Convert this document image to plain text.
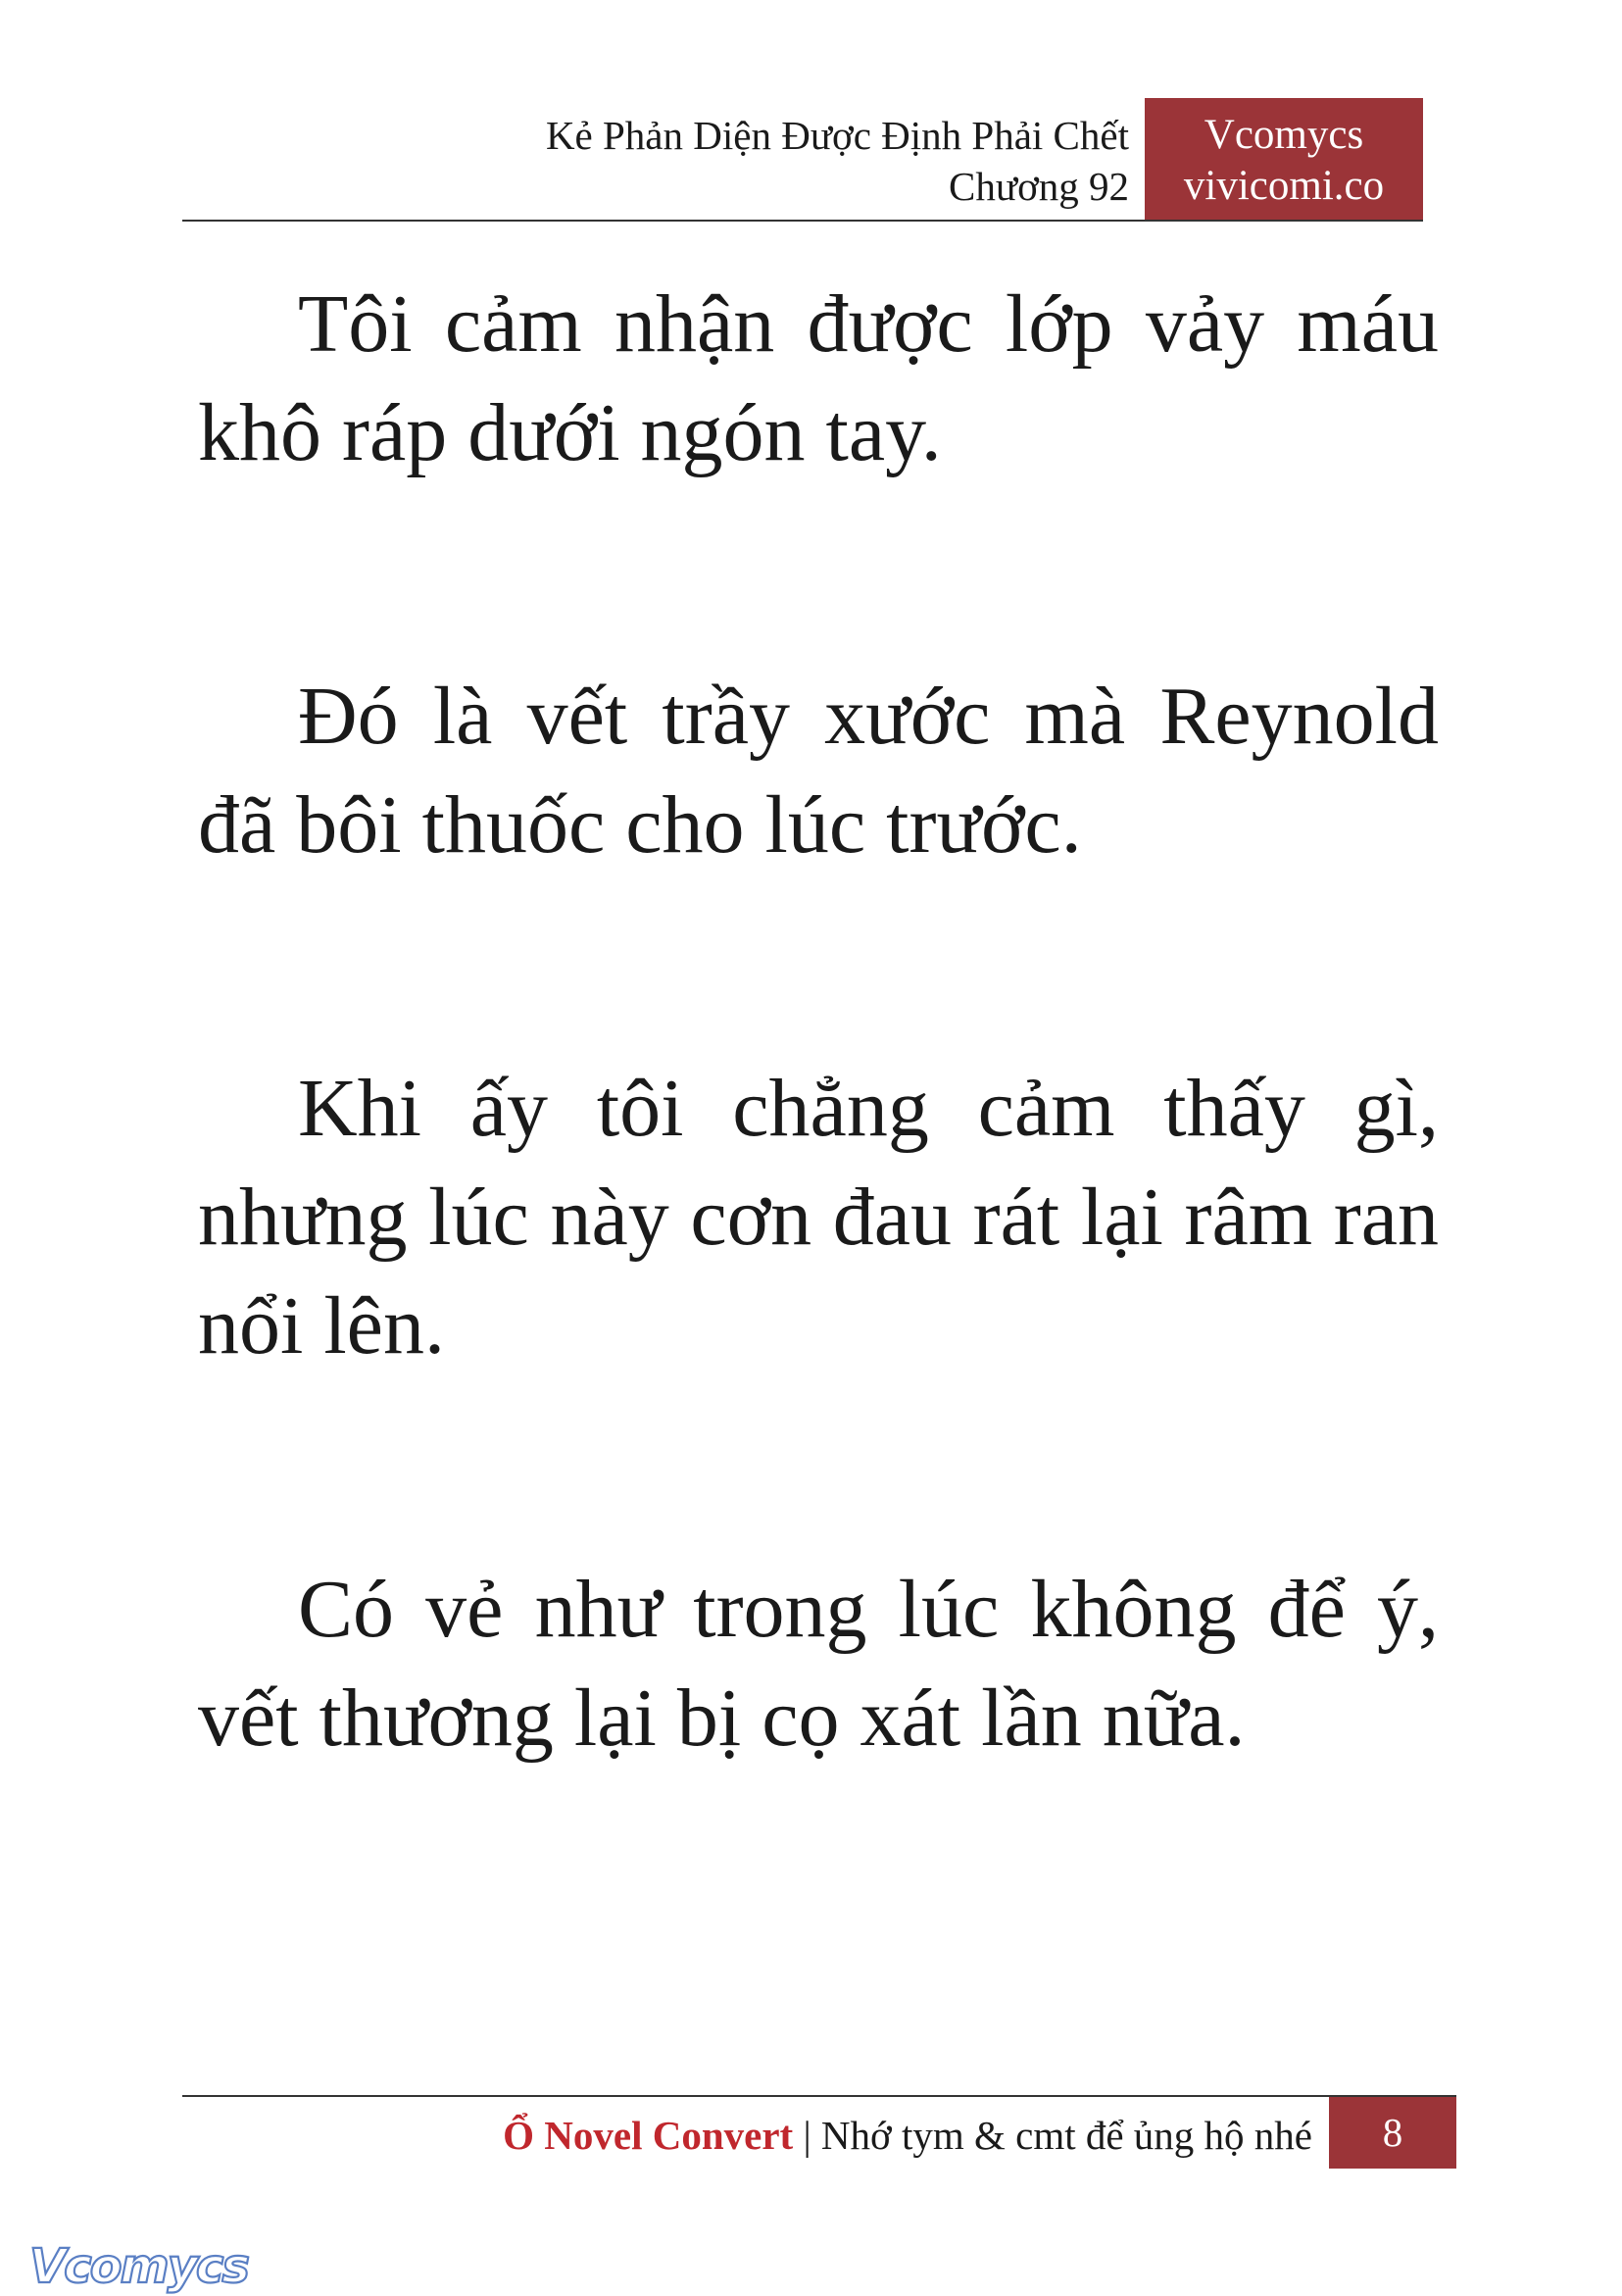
Kẻ Phản Diện Được Định Phải Chết
Chương 92
Vcomycs
vivicomi.co

Tôi cảm nhận được lớp vảy máu khô ráp dưới ngón tay.

Đó là vết trầy xước mà Reynold đã bôi thuốc cho lúc trước.

Khi ấy tôi chẳng cảm thấy gì, nhưng lúc này cơn đau rát lại râm ran nổi lên.

Có vẻ như trong lúc không để ý, vết thương lại bị cọ xát lần nữa.

Ổ Novel Convert | Nhớ tym & cmt để ủng hộ nhé	8
Vcomycs
